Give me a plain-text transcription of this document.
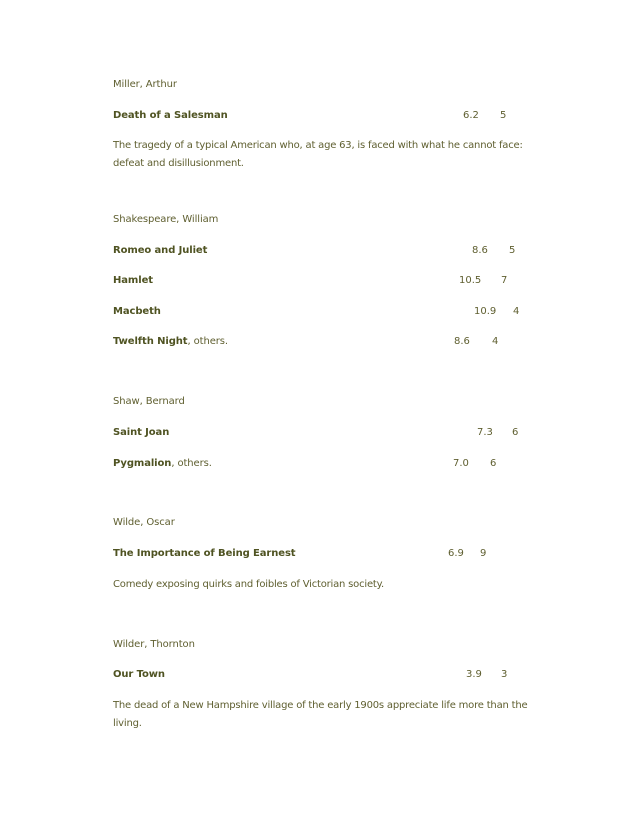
Miller, Arthur
Death of a Salesman	6.2 5
The tragedy of a typical American who, at age 63, is faced with what he cannot face: defeat and disillusionment.
Shakespeare, William
Romeo and Juliet	8.6 5
Hamlet	10.5 7
Macbeth	10.9 4
Twelfth Night, others.	8.6 4
Shaw, Bernard
Saint Joan	7.3 6
Pygmalion, others.	7.0 6
Wilde, Oscar
The Importance of Being Earnest	6.9 9
Comedy exposing quirks and foibles of Victorian society.
Wilder, Thornton
Our Town	3.9 3
The dead of a New Hampshire village of the early 1900s appreciate life more than the living.
